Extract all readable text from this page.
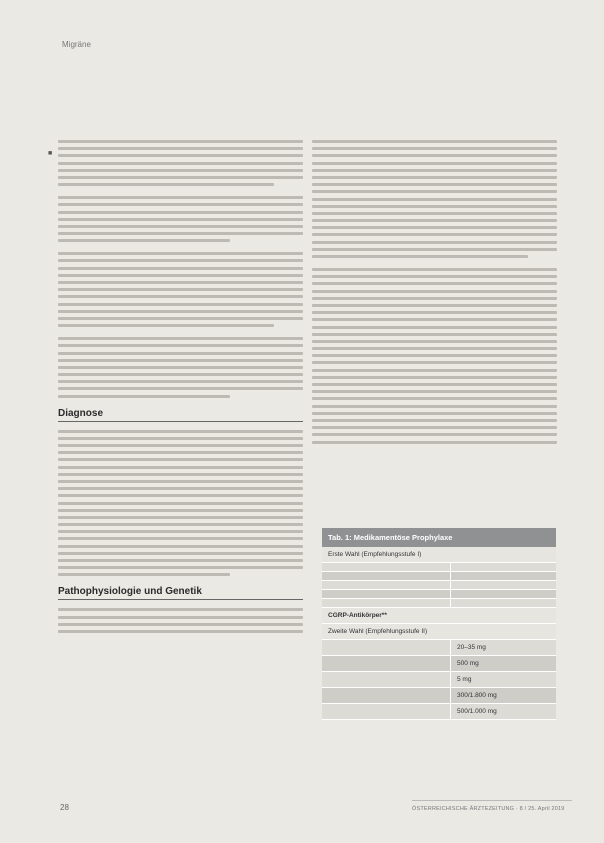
Migräne
■
Diagnose
Pathophysiologie und Genetik
Tab. 1: Medikamentöse Prophylaxe
Erste Wahl (Empfehlungsstufe I)
CGRP-Antikörper**
Zweite Wahl (Empfehlungsstufe II)
20–35 mg
500 mg
5 mg
300/1.800 mg
500/1.000 mg
28	ÖSTERREICHISCHE ÄRZTEZEITUNG · 8 / 25. April 2019
